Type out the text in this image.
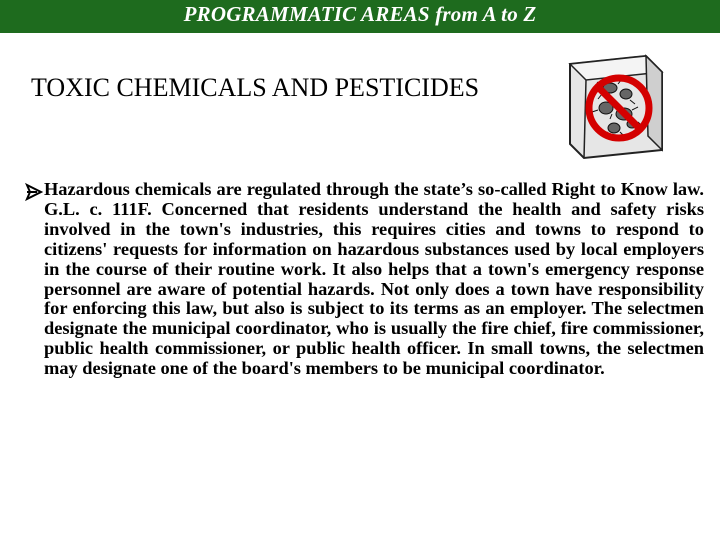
PROGRAMMATIC AREAS from A to Z
TOXIC CHEMICALS AND PESTICIDES
Hazardous chemicals are regulated through the state’s so-called Right to Know law. G.L. c. 111F. Concerned that residents understand the health and safety risks involved in the town's industries, this requires cities and towns to respond to citizens' requests for information on hazardous substances used by local employers in the course of their routine work. It also helps that a town's emergency response personnel are aware of potential hazards. Not only does a town have responsibility for enforcing this law, but also is subject to its terms as an employer. The selectmen designate the municipal coordinator, who is usually the fire chief, fire commissioner, public health commissioner, or public health officer. In small towns, the selectmen may designate one of the board's members to be municipal coordinator.
